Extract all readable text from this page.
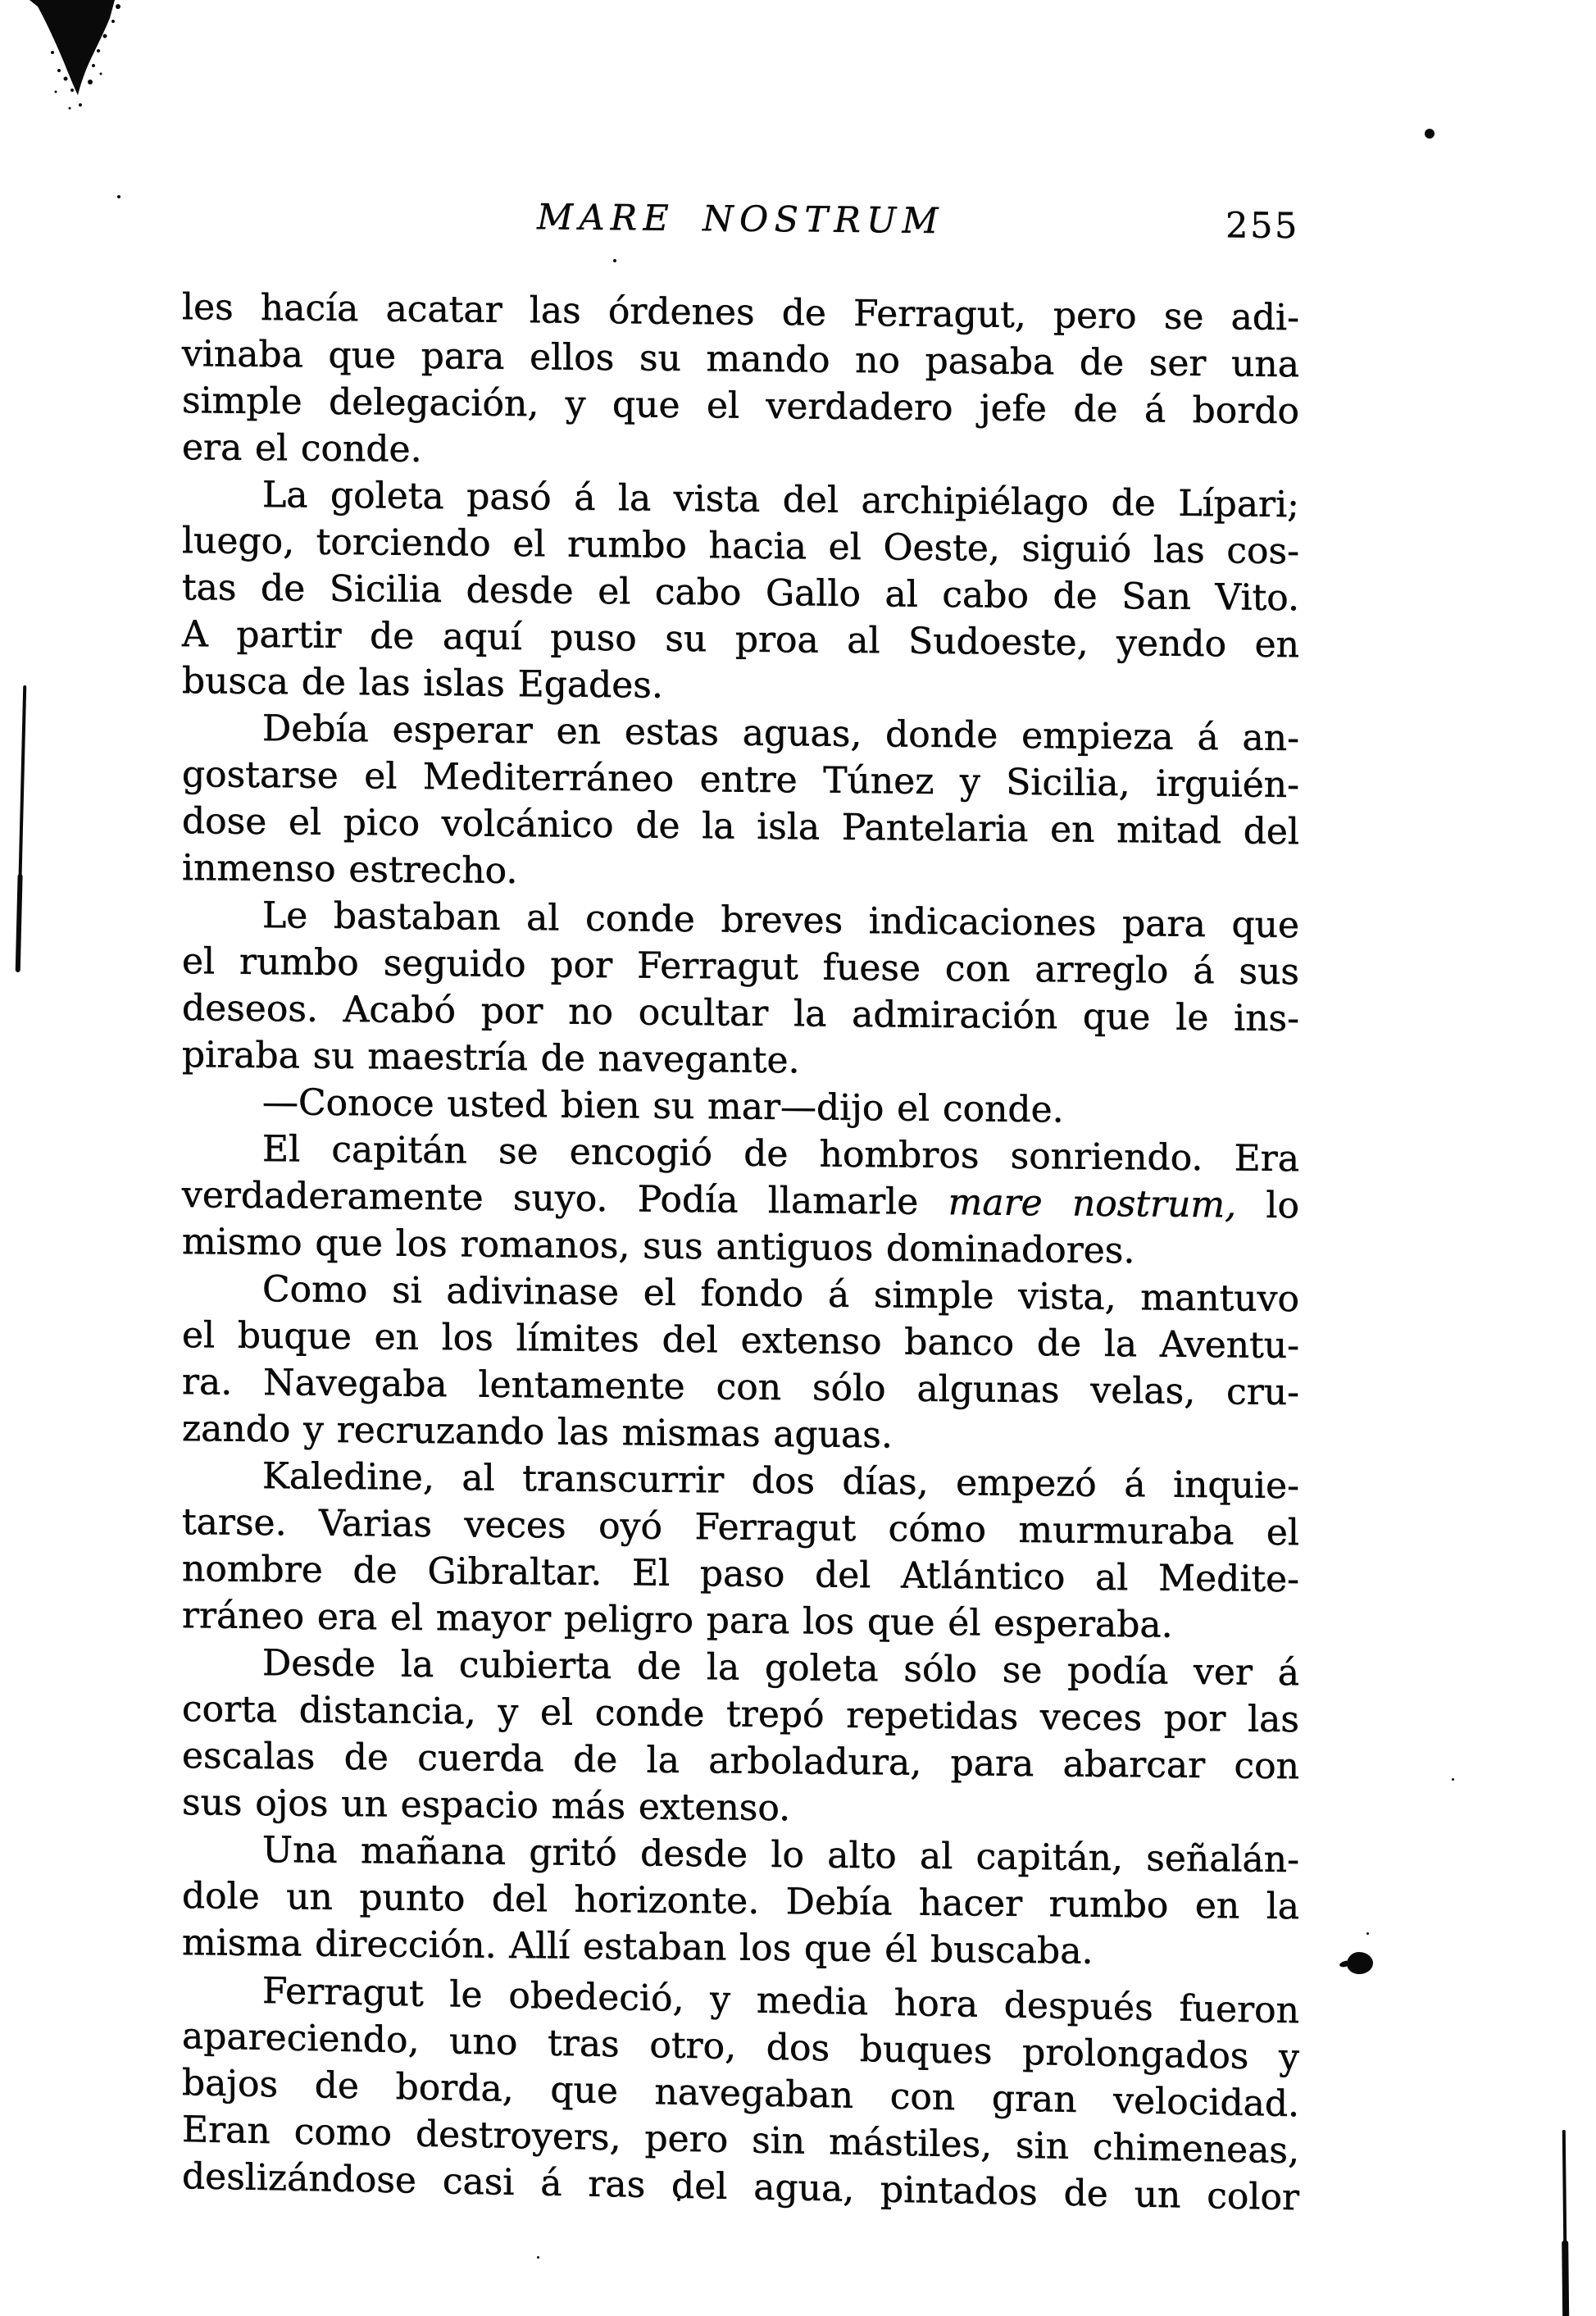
MARE NOSTRUM	255
les hacía acatar las órdenes de Ferragut, pero se adi-
vinaba que para ellos su mando no pasaba de ser una
simple delegación, y que el verdadero jefe de á bordo
era el conde.
La goleta pasó á la vista del archipiélago de Lípari;
luego, torciendo el rumbo hacia el Oeste, siguió las cos-
tas de Sicilia desde el cabo Gallo al cabo de San Vito.
A partir de aquí puso su proa al Sudoeste, yendo en
busca de las islas Egades.
Debía esperar en estas aguas, donde empieza á an-
gostarse el Mediterráneo entre Túnez y Sicilia, irguién-
dose el pico volcánico de la isla Pantelaria en mitad del
inmenso estrecho.
Le bastaban al conde breves indicaciones para que
el rumbo seguido por Ferragut fuese con arreglo á sus
deseos. Acabó por no ocultar la admiración que le ins-
piraba su maestría de navegante.
—Conoce usted bien su mar—dijo el conde.
El capitán se encogió de hombros sonriendo. Era
verdaderamente suyo. Podía llamarle mare nostrum, lo
mismo que los romanos, sus antiguos dominadores.
Como si adivinase el fondo á simple vista, mantuvo
el buque en los límites del extenso banco de la Aventu-
ra. Navegaba lentamente con sólo algunas velas, cru-
zando y recruzando las mismas aguas.
Kaledine, al transcurrir dos días, empezó á inquie-
tarse. Varias veces oyó Ferragut cómo murmuraba el
nombre de Gibraltar. El paso del Atlántico al Medite-
rráneo era el mayor peligro para los que él esperaba.
Desde la cubierta de la goleta sólo se podía ver á
corta distancia, y el conde trepó repetidas veces por las
escalas de cuerda de la arboladura, para abarcar con
sus ojos un espacio más extenso.
Una mañana gritó desde lo alto al capitán, señalán-
dole un punto del horizonte. Debía hacer rumbo en la
misma dirección. Allí estaban los que él buscaba.
Ferragut le obedeció, y media hora después fueron
apareciendo, uno tras otro, dos buques prolongados y
bajos de borda, que navegaban con gran velocidad.
Eran como destroyers, pero sin mástiles, sin chimeneas,
deslizándose casi á ras del agua, pintados de un color
